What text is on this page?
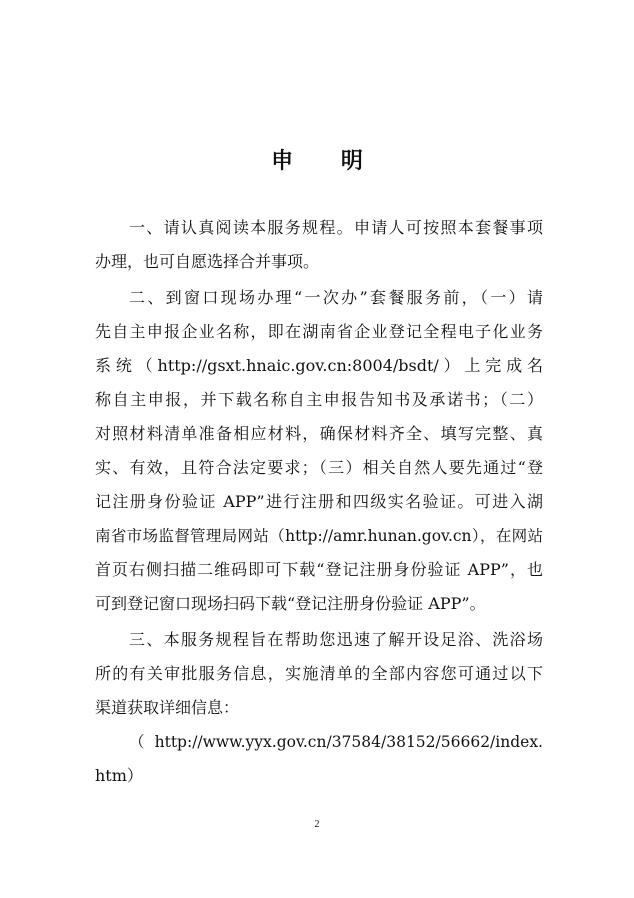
申 明
一、请认真阅读本服务规程。申请人可按照本套餐事项
办理，也可自愿选择合并事项。
二、到窗口现场办理“一次办”套餐服务前，（一）请
先自主申报企业名称，即在湖南省企业登记全程电子化业务
系统（http://gsxt.hnaic.gov.cn:8004/bsdt/）上完成名
称自主申报，并下载名称自主申报告知书及承诺书；（二）
对照材料清单准备相应材料，确保材料齐全、填写完整、真
实、有效，且符合法定要求；（三）相关自然人要先通过“登
记注册身份验证 APP”进行注册和四级实名验证。可进入湖
南省市场监督管理局网站（http://amr.hunan.gov.cn），在网站
首页右侧扫描二维码即可下载“登记注册身份验证 APP”，也
可到登记窗口现场扫码下载“登记注册身份验证 APP”。
三、本服务规程旨在帮助您迅速了解开设足浴、洗浴场
所的有关审批服务信息，实施清单的全部内容您可通过以下
渠道获取详细信息：
（http://www.yyx.gov.cn/37584/38152/56662/index.
htm）
2
